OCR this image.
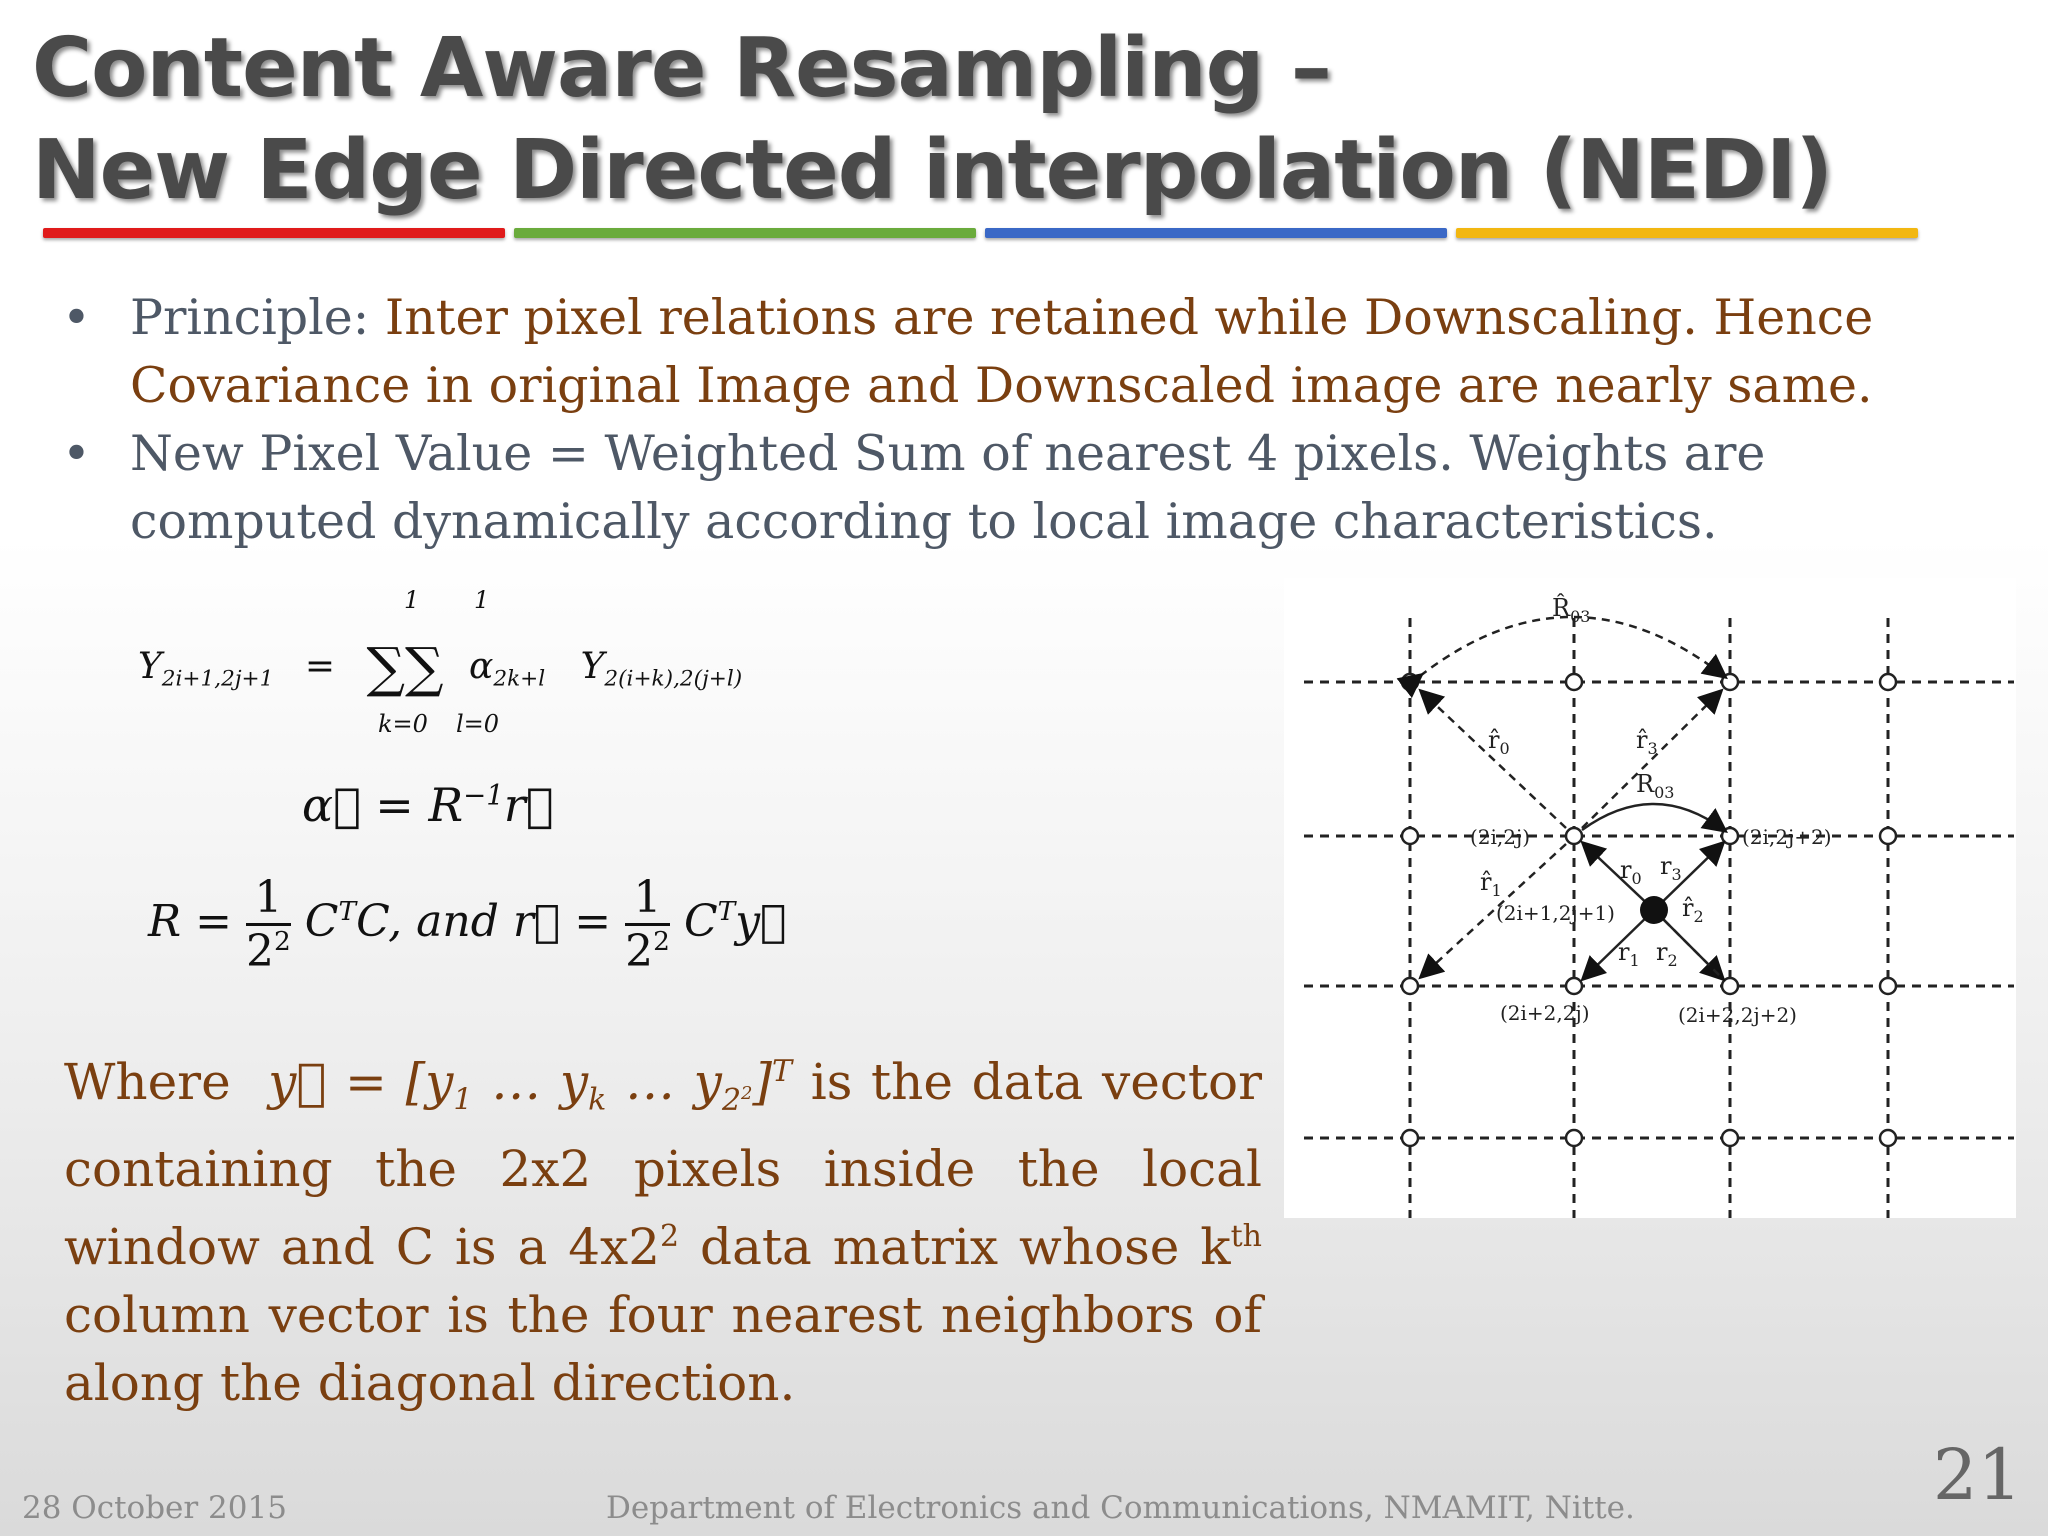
Content Aware Resampling –
New Edge Directed interpolation (NEDI)
• Principle: Inter pixel relations are retained while Downscaling. Hence Covariance in original Image and Downscaled image are nearly same.
• New Pixel Value = Weighted Sum of nearest 4 pixels. Weights are computed dynamically according to local image characteristics.
$Y_{2i+1,2j+1}$ = ∑∑ $\alpha_{2k+l}$ $Y_{2(i+k),2(j+l)}$
1 1
k=0 l=0
α⃗ = $R^{-1}r⃗$
$R = \frac{1}{2^2} C^TC$, and r⃗ = $\frac{1}{2^2}$ $C^Ty⃗$
Where y⃗ = [$y_1$ … $y_k$ … $y_{2^2}]^T$ is the data vector containing the 2x2 pixels inside the local window and C is a $4x2^2$ data matrix whose $k^{th}$ column vector is the four nearest neighbors of along the diagonal direction.
$R̂_{03}$
$r̂_0$	$r̂_3$
$R_{03}$
(2i,2j)	(2i,2j+2)
$r̂_1$
$r_0$ $r_3$
(2i+1,2j+1)	$r̂_2$
$r_1$ $r_2$
(2i+2,2j)	(2i+2,2j+2)
28 October 2015	Department of Electronics and Communications, NMAMIT, Nitte.	21
